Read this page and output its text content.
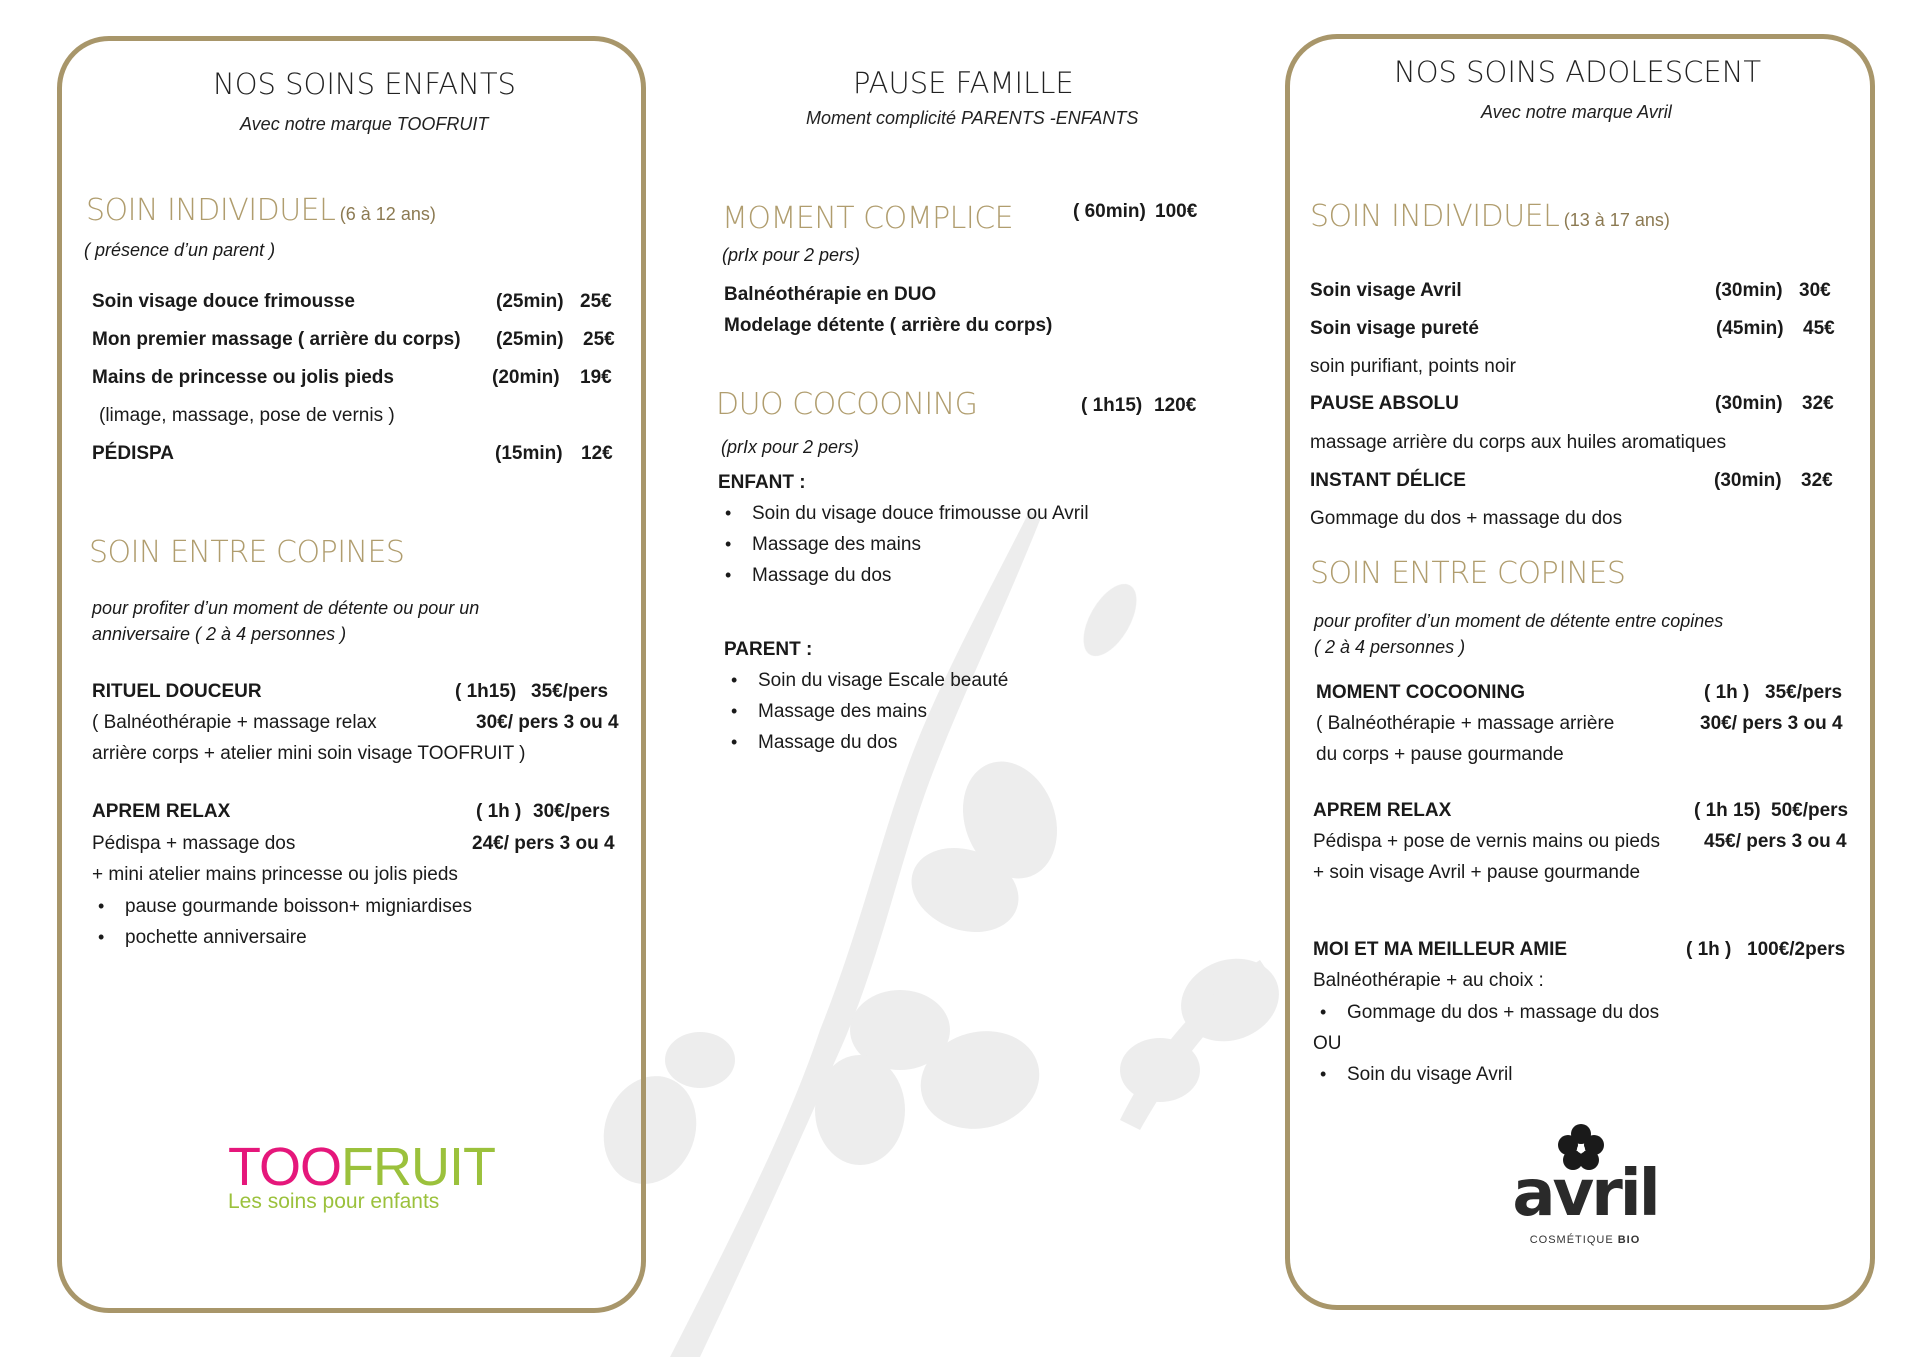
NOS SOINS ENFANTS
Avec notre marque TOOFRUIT
SOIN INDIVIDUEL (6 à 12 ans)
( présence d’un parent )
Soin visage douce frimousse	(25min) 25€
Mon premier massage ( arrière du corps) (25min) 25€
Mains de princesse ou jolis pieds	(20min) 19€
(limage, massage, pose de vernis )
PÉDISPA	(15min) 12€
SOIN ENTRE COPINES
pour profiter d’un moment de détente ou pour un
anniversaire ( 2 à 4 personnes )
RITUEL DOUCEUR	( 1h15) 35€/pers
( Balnéothérapie + massage relax	30€/ pers 3 ou 4
arrière corps + atelier mini soin visage TOOFRUIT )
APREM RELAX	( 1h ) 30€/pers
Pédispa + massage dos	24€/ pers 3 ou 4
+ mini atelier mains princesse ou jolis pieds
• pause gourmande boisson+ migniardises
• pochette anniversaire
TOOFRUIT
Les soins pour enfants
PAUSE FAMILLE
Moment complicité PARENTS -ENFANTS
MOMENT COMPLICE	( 60min) 100€
(prIx pour 2 pers)
Balnéothérapie en DUO
Modelage détente ( arrière du corps)
DUO COCOONING	( 1h15) 120€
(prIx pour 2 pers)
ENFANT :
• Soin du visage douce frimousse ou Avril
• Massage des mains
• Massage du dos
PARENT :
• Soin du visage Escale beauté
• Massage des mains
• Massage du dos
NOS SOINS ADOLESCENT
Avec notre marque Avril
SOIN INDIVIDUEL (13 à 17 ans)
Soin visage Avril	(30min) 30€
Soin visage pureté	(45min) 45€
soin purifiant, points noir
PAUSE ABSOLU	(30min) 32€
massage arrière du corps aux huiles aromatiques
INSTANT DÉLICE	(30min) 32€
Gommage du dos + massage du dos
SOIN ENTRE COPINES
pour profiter d’un moment de détente entre copines
( 2 à 4 personnes )
MOMENT COCOONING	( 1h ) 35€/pers
( Balnéothérapie + massage arrière	30€/ pers 3 ou 4
du corps + pause gourmande
APREM RELAX	( 1h 15) 50€/pers
Pédispa + pose de vernis mains ou pieds 45€/ pers 3 ou 4
+ soin visage Avril + pause gourmande
MOI ET MA MEILLEUR AMIE	( 1h ) 100€/2pers
Balnéothérapie + au choix :
• Gommage du dos + massage du dos
OU
• Soin du visage Avril
avril
COSMÉTIQUE BIO
